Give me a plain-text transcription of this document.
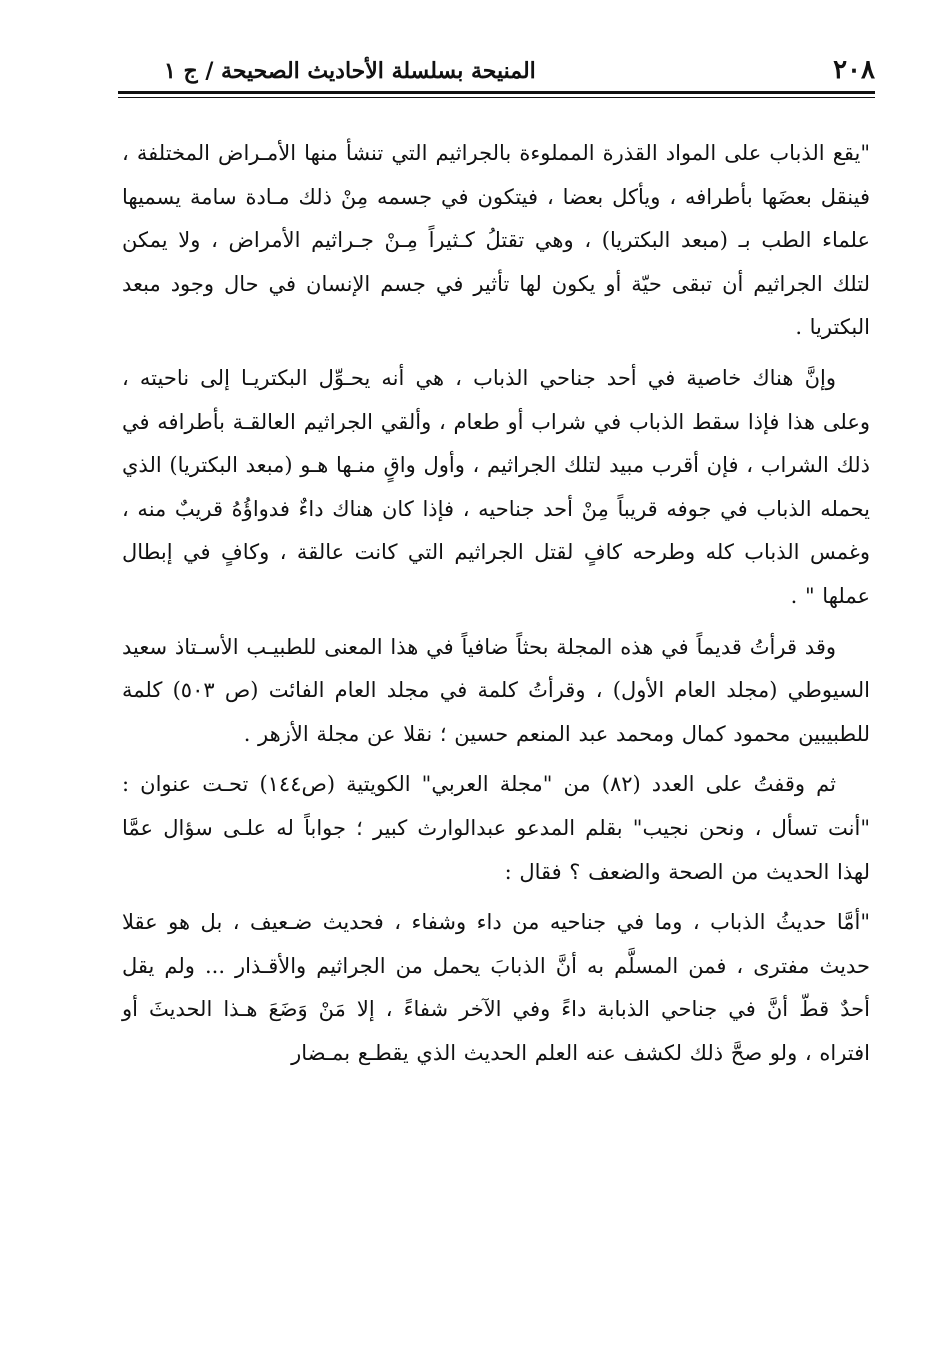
٢٠٨
المنيحة بسلسلة الأحاديث الصحيحة / ج ١

"يقع الذباب على المواد القذرة المملوءة بالجراثيم التي تنشأ منها الأمـراض المختلفة ، فينقل بعضَها بأطرافه ، ويأكل بعضا ، فيتكون في جسمه مِنْ ذلك مـادة سامة يسميها علماء الطب بـ (مبعد البكتريا) ، وهي تقتلُ كـثيراً مِـنْ جـراثيم الأمراض ، ولا يمكن لتلك الجراثيم أن تبقى حيّة أو يكون لها تأثير في جسم الإنسان في حال وجود مبعد البكتريا .

وإنَّ هناك خاصية في أحد جناحي الذباب ، هي أنه يحـوِّل البكتريـا إلى ناحيته ، وعلى هذا فإذا سقط الذباب في شراب أو طعام ، وألقي الجراثيم العالقـة بأطرافه في ذلك الشراب ، فإن أقرب مبيد لتلك الجراثيم ، وأول واقٍ منـها هـو (مبعد البكتريا) الذي يحمله الذباب في جوفه قريباً مِنْ أحد جناحيه ، فإذا كان هناك داءٌ فدواؤُهُ قريبٌ منه ، وغمس الذباب كله وطرحه كافٍ لقتل الجراثيم التي كانت عالقة ، وكافٍ في إبطال عملها " .

وقد قرأتُ قديماً في هذه المجلة بحثاً ضافياً في هذا المعنى للطبيـب الأسـتاذ سعيد السيوطي (مجلد العام الأول) ، وقرأتُ كلمة في مجلد العام الفائت (ص ٥٠٣) كلمة للطبيبين محمود كمال ومحمد عبد المنعم حسين ؛ نقلا عن مجلة الأزهر .

ثم وقفتُ على العدد (٨٢) من "مجلة العربي" الكويتية (ص١٤٤) تحـت عنوان : "أنت تسأل ، ونحن نجيب" بقلم المدعو عبدالوارث كبير ؛ جواباً له علـى سؤال عمَّا لهذا الحديث من الصحة والضعف ؟ فقال :

"أمَّا حديثُ الذباب ، وما في جناحيه من داء وشفاء ، فحديث ضـعيف ، بل هو عقلا حديث مفترى ، فمن المسلَّم به أنَّ الذبابَ يحمل من الجراثيم والأقـذار ... ولم يقل أحدٌ قطّ أنَّ في جناحي الذبابة داءً وفي الآخر شفاءً ، إلا مَنْ وَضَعَ هـذا الحديثَ أو افتراه ، ولو صحَّ ذلك لكشف عنه العلم الحديث الذي يقطـع بمـضار
